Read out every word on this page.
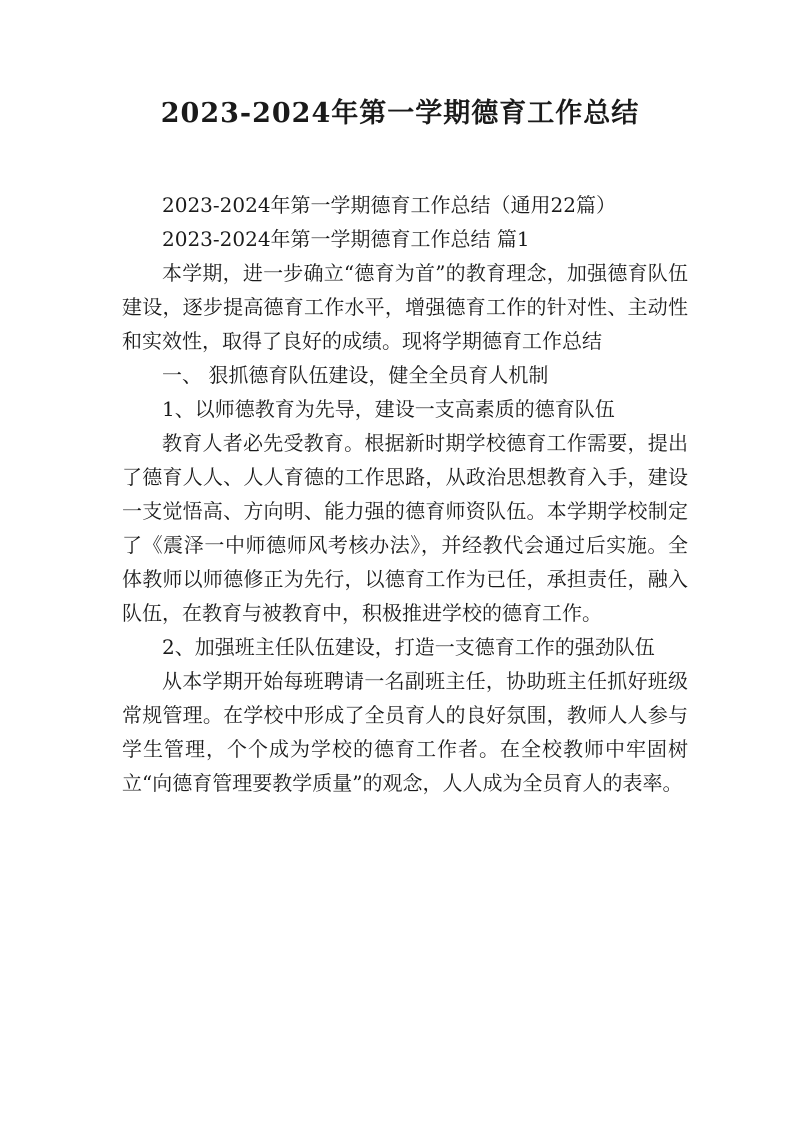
2023-2024年第一学期德育工作总结

2023-2024年第一学期德育工作总结（通用22篇）

2023-2024年第一学期德育工作总结 篇1

本学期，进一步确立“德育为首”的教育理念，加强德育队伍建设，逐步提高德育工作水平，增强德育工作的针对性、主动性和实效性，取得了良好的成绩。现将学期德育工作总结

一、 狠抓德育队伍建设，健全全员育人机制

1、以师德教育为先导，建设一支高素质的德育队伍

教育人者必先受教育。根据新时期学校德育工作需要，提出了德育人人、人人育德的工作思路，从政治思想教育入手，建设一支觉悟高、方向明、能力强的德育师资队伍。本学期学校制定了《震泽一中师德师风考核办法》，并经教代会通过后实施。全体教师以师德修正为先行，以德育工作为已任，承担责任，融入队伍，在教育与被教育中，积极推进学校的德育工作。

2、加强班主任队伍建设，打造一支德育工作的强劲队伍

从本学期开始每班聘请一名副班主任，协助班主任抓好班级常规管理。在学校中形成了全员育人的良好氛围，教师人人参与学生管理，个个成为学校的德育工作者。在全校教师中牢固树立“向德育管理要教学质量”的观念，人人成为全员育人的表率。
